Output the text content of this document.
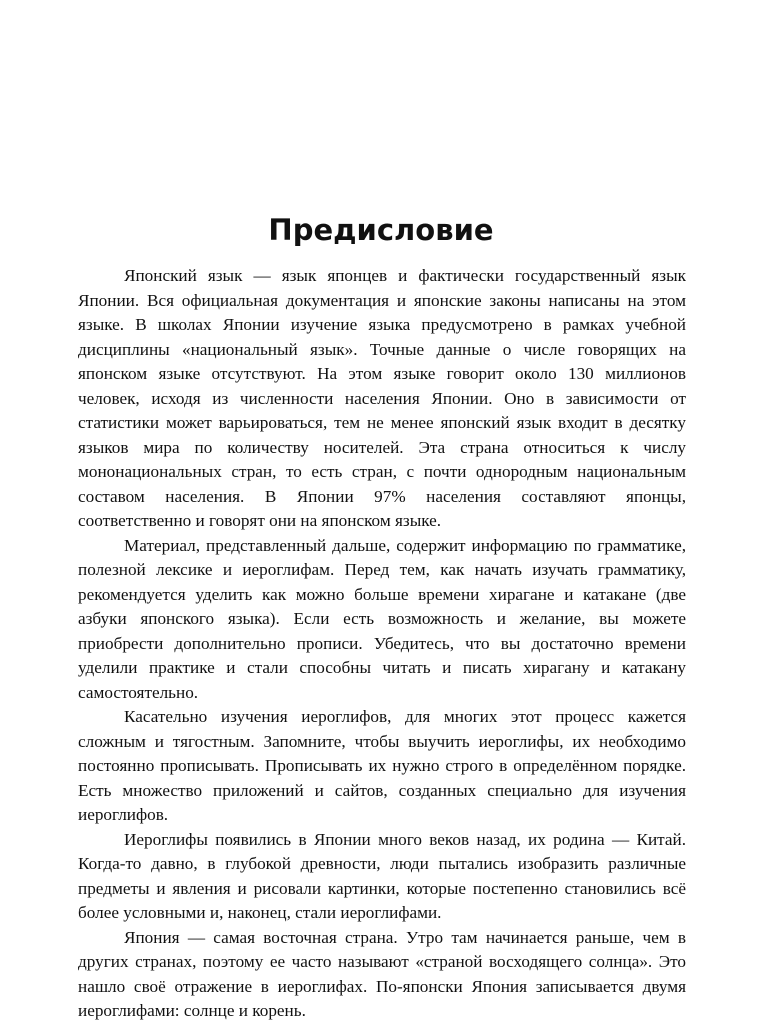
Предисловие

Японский язык — язык японцев и фактически государственный язык Японии. Вся официальная документация и японские законы написаны на этом языке. В школах Японии изучение языка предусмотрено в рамках учебной дисциплины «национальный язык». Точные данные о числе говорящих на японском языке отсутствуют. На этом языке говорит около 130 миллионов человек, исходя из численности населения Японии. Оно в зависимости от статистики может варьироваться, тем не менее японский язык входит в десятку языков мира по количеству носителей. Эта страна относиться к числу мононациональных стран, то есть стран, с почти однородным национальным составом населения. В Японии 97% населения составляют японцы, соответственно и говорят они на японском языке.

Материал, представленный дальше, содержит информацию по грамматике, полезной лексике и иероглифам. Перед тем, как начать изучать грамматику, рекомендуется уделить как можно больше времени хирагане и катакане (две азбуки японского языка). Если есть возможность и желание, вы можете приобрести дополнительно прописи. Убедитесь, что вы достаточно времени уделили практике и стали способны читать и писать хирагану и катакану самостоятельно.

Касательно изучения иероглифов, для многих этот процесс кажется сложным и тягостным. Запомните, чтобы выучить иероглифы, их необходимо постоянно прописывать. Прописывать их нужно строго в определённом порядке. Есть множество приложений и сайтов, созданных специально для изучения иероглифов.

Иероглифы появились в Японии много веков назад, их родина — Китай. Когда-то давно, в глубокой древности, люди пытались изобразить различные предметы и явления и рисовали картинки, которые постепенно становились всё более условными и, наконец, стали иероглифами.

Япония — самая восточная страна. Утро там начинается раньше, чем в других странах, поэтому ее часто называют «страной восходящего солнца». Это нашло своё отражение в иероглифах. По-японски Япония записывается двумя иероглифами: солнце и корень.
